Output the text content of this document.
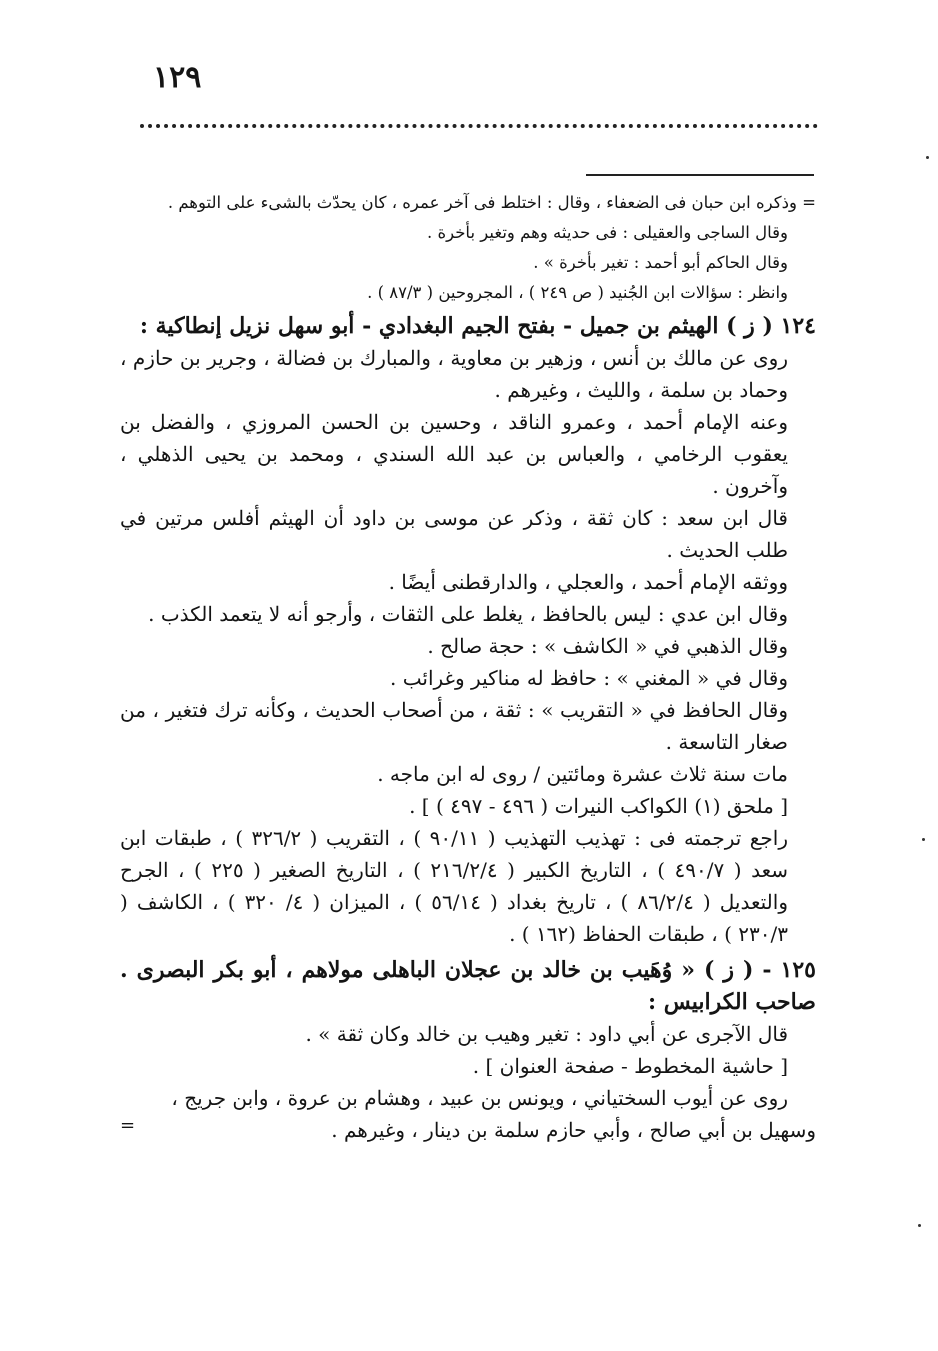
١٢٩

= وذكره ابن حبان فى الضعفاء ، وقال : اختلط فى آخر عمره ، كان يحدّث بالشىء على التوهم .

وقال الساجى والعقيلى : فى حديثه وهم وتغير بأخرة .

وقال الحاكم أبو أحمد : تغير بأخرة » .

وانظر : سؤالات ابن الجُنيد ( ص ٢٤٩ ) ، المجروحين ( ٨٧/٣ ) .

١٢٤ ( ز ) الهيثم بن جميل - بفتح الجيم البغدادي - أبو سهل نزيل إنطاكية :

روى عن مالك بن أنس ، وزهير بن معاوية ، والمبارك بن فضالة ، وجرير بن حازم ، وحماد بن سلمة ، والليث ، وغيرهم .

وعنه الإمام أحمد ، وعمرو الناقد ، وحسين بن الحسن المروزي ، والفضل بن يعقوب الرخامي ، والعباس بن عبد الله السندي ، ومحمد بن يحيى الذهلي ، وآخرون .

قال ابن سعد : كان ثقة ، وذكر عن موسى بن داود أن الهيثم أفلس مرتين في طلب الحديث .

ووثقه الإمام أحمد ، والعجلي ، والدارقطنى أيضًا .

وقال ابن عدي : ليس بالحافظ ، يغلط على الثقات ، وأرجو أنه لا يتعمد الكذب .

وقال الذهبي في « الكاشف » : حجة صالح .

وقال في « المغني » : حافظ له مناكير وغرائب .

وقال الحافظ في « التقريب » : ثقة ، من أصحاب الحديث ، وكأنه ترك فتغير ، من صغار التاسعة .

مات سنة ثلاث عشرة ومائتين / روى له ابن ماجه .

[ ملحق (١) الكواكب النيرات ( ٤٩٦ - ٤٩٧ ) ] .

راجع ترجمته فى : تهذيب التهذيب ( ٩٠/١١ ) ، التقريب ( ٣٢٦/٢ ) ، طبقات ابن سعد ( ٤٩٠/٧ ) ، التاريخ الكبير ( ٢١٦/٢/٤ ) ، التاريخ الصغير ( ٢٢٥ ) ، الجرح والتعديل ( ٨٦/٢/٤ ) ، تاريخ بغداد ( ٥٦/١٤ ) ، الميزان ( ٤/ ٣٢٠ ) ، الكاشف ( ٢٣٠/٣ ) ، طبقات الحفاظ (١٦٢ ) .

١٢٥ - ( ز ) « وُهَيب بن خالد بن عجلان الباهلى مولاهم ، أبو بكر البصرى . صاحب الكرابيس :

قال الآجرى عن أبي داود : تغير وهيب بن خالد وكان ثقة » .

[ حاشية المخطوط - صفحة العنوان ] .

روى عن أيوب السختياني ، ويونس بن عبيد ، وهشام بن عروة ، وابن جريج ،

وسهيل بن أبي صالح ، وأبي حازم سلمة بن دينار ، وغيرهم .
=
